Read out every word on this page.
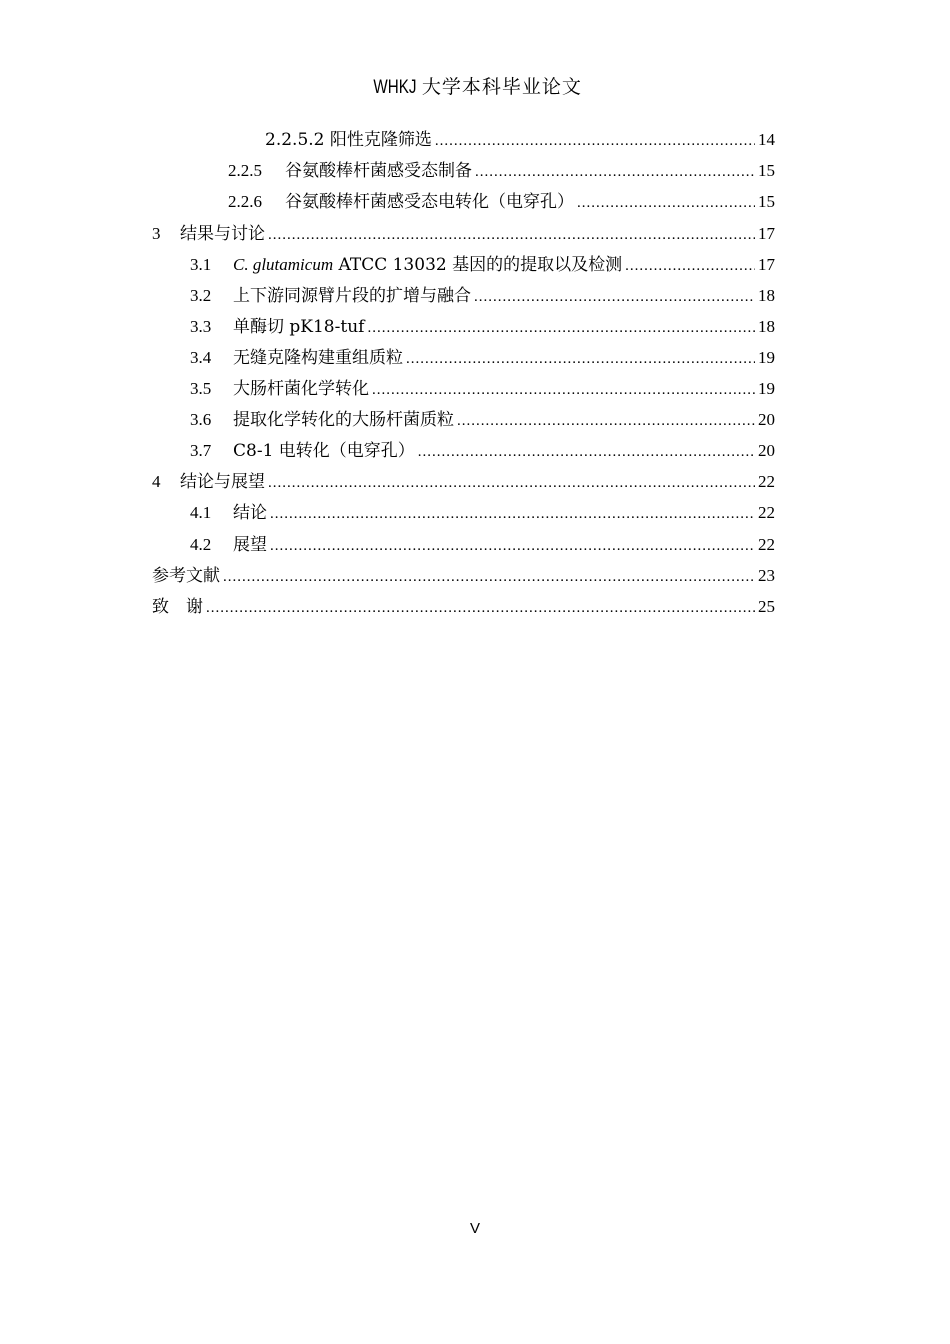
WHKJ 大学本科毕业论文
2.2.5.2 阳性克隆筛选 .....	14
2.2.5	谷氨酸棒杆菌感受态制备 .....	15
2.2.6	谷氨酸棒杆菌感受态电转化（电穿孔） .....	15
3	结果与讨论 .....	17
3.1	C. glutamicum ATCC 13032 基因的的提取以及检测 .....	17
3.2	上下游同源臂片段的扩增与融合 .....	18
3.3	单酶切 pK18-tuf .....	18
3.4	无缝克隆构建重组质粒 .....	19
3.5	大肠杆菌化学转化 .....	19
3.6	提取化学转化的大肠杆菌质粒 .....	20
3.7	C8-1 电转化（电穿孔） .....	20
4	结论与展望 .....	22
4.1	结论 .....	22
4.2	展望 .....	22
参考文献 .....	23
致　谢 .....	25
V
